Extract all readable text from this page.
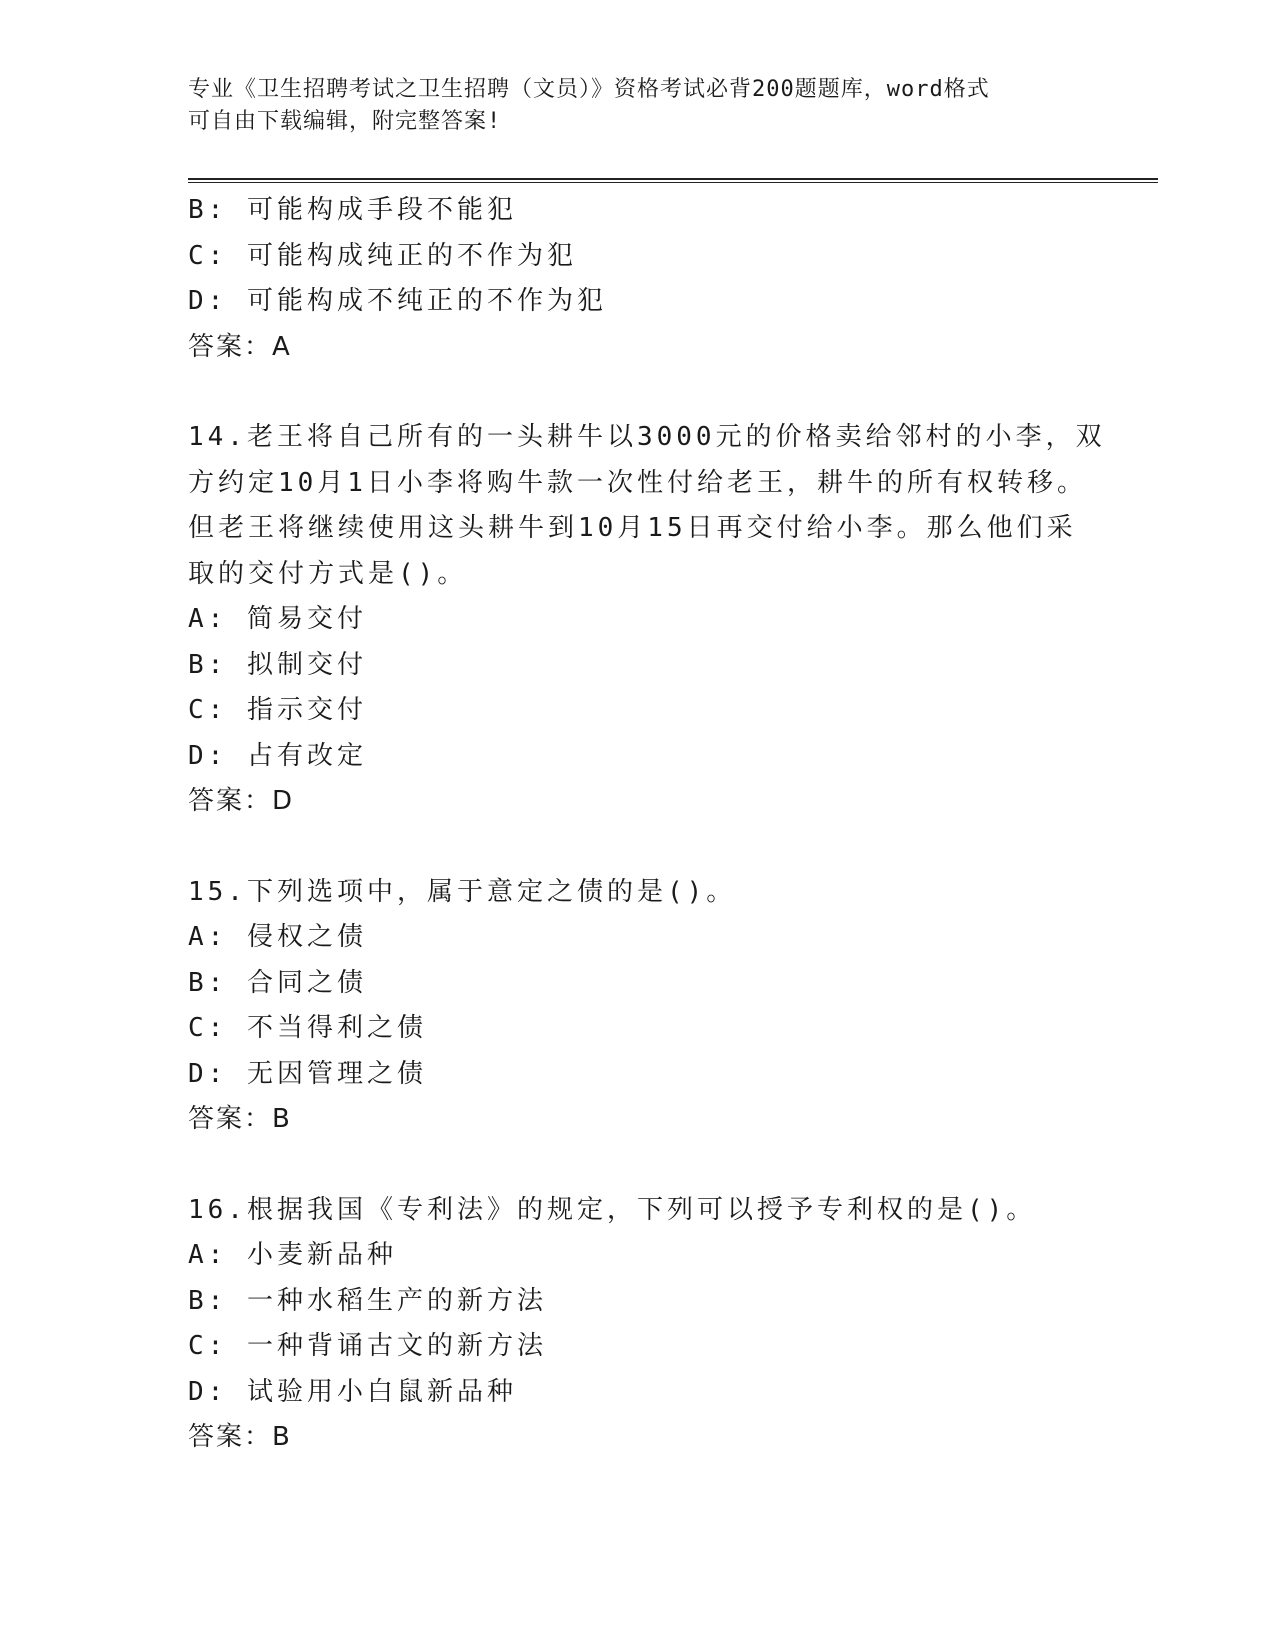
专业《卫生招聘考试之卫生招聘（文员）》资格考试必背200题题库，word格式
可自由下载编辑，附完整答案!
B: 可能构成手段不能犯
C: 可能构成纯正的不作为犯
D: 可能构成不纯正的不作为犯
答案：A
14.老王将自己所有的一头耕牛以3000元的价格卖给邻村的小李，双
方约定10月1日小李将购牛款一次性付给老王，耕牛的所有权转移。
但老王将继续使用这头耕牛到10月15日再交付给小李。那么他们采
取的交付方式是()。
A: 简易交付
B: 拟制交付
C: 指示交付
D: 占有改定
答案：D
15.下列选项中，属于意定之债的是()。
A: 侵权之债
B: 合同之债
C: 不当得利之债
D: 无因管理之债
答案：B
16.根据我国《专利法》的规定，下列可以授予专利权的是()。
A: 小麦新品种
B: 一种水稻生产的新方法
C: 一种背诵古文的新方法
D: 试验用小白鼠新品种
答案：B
